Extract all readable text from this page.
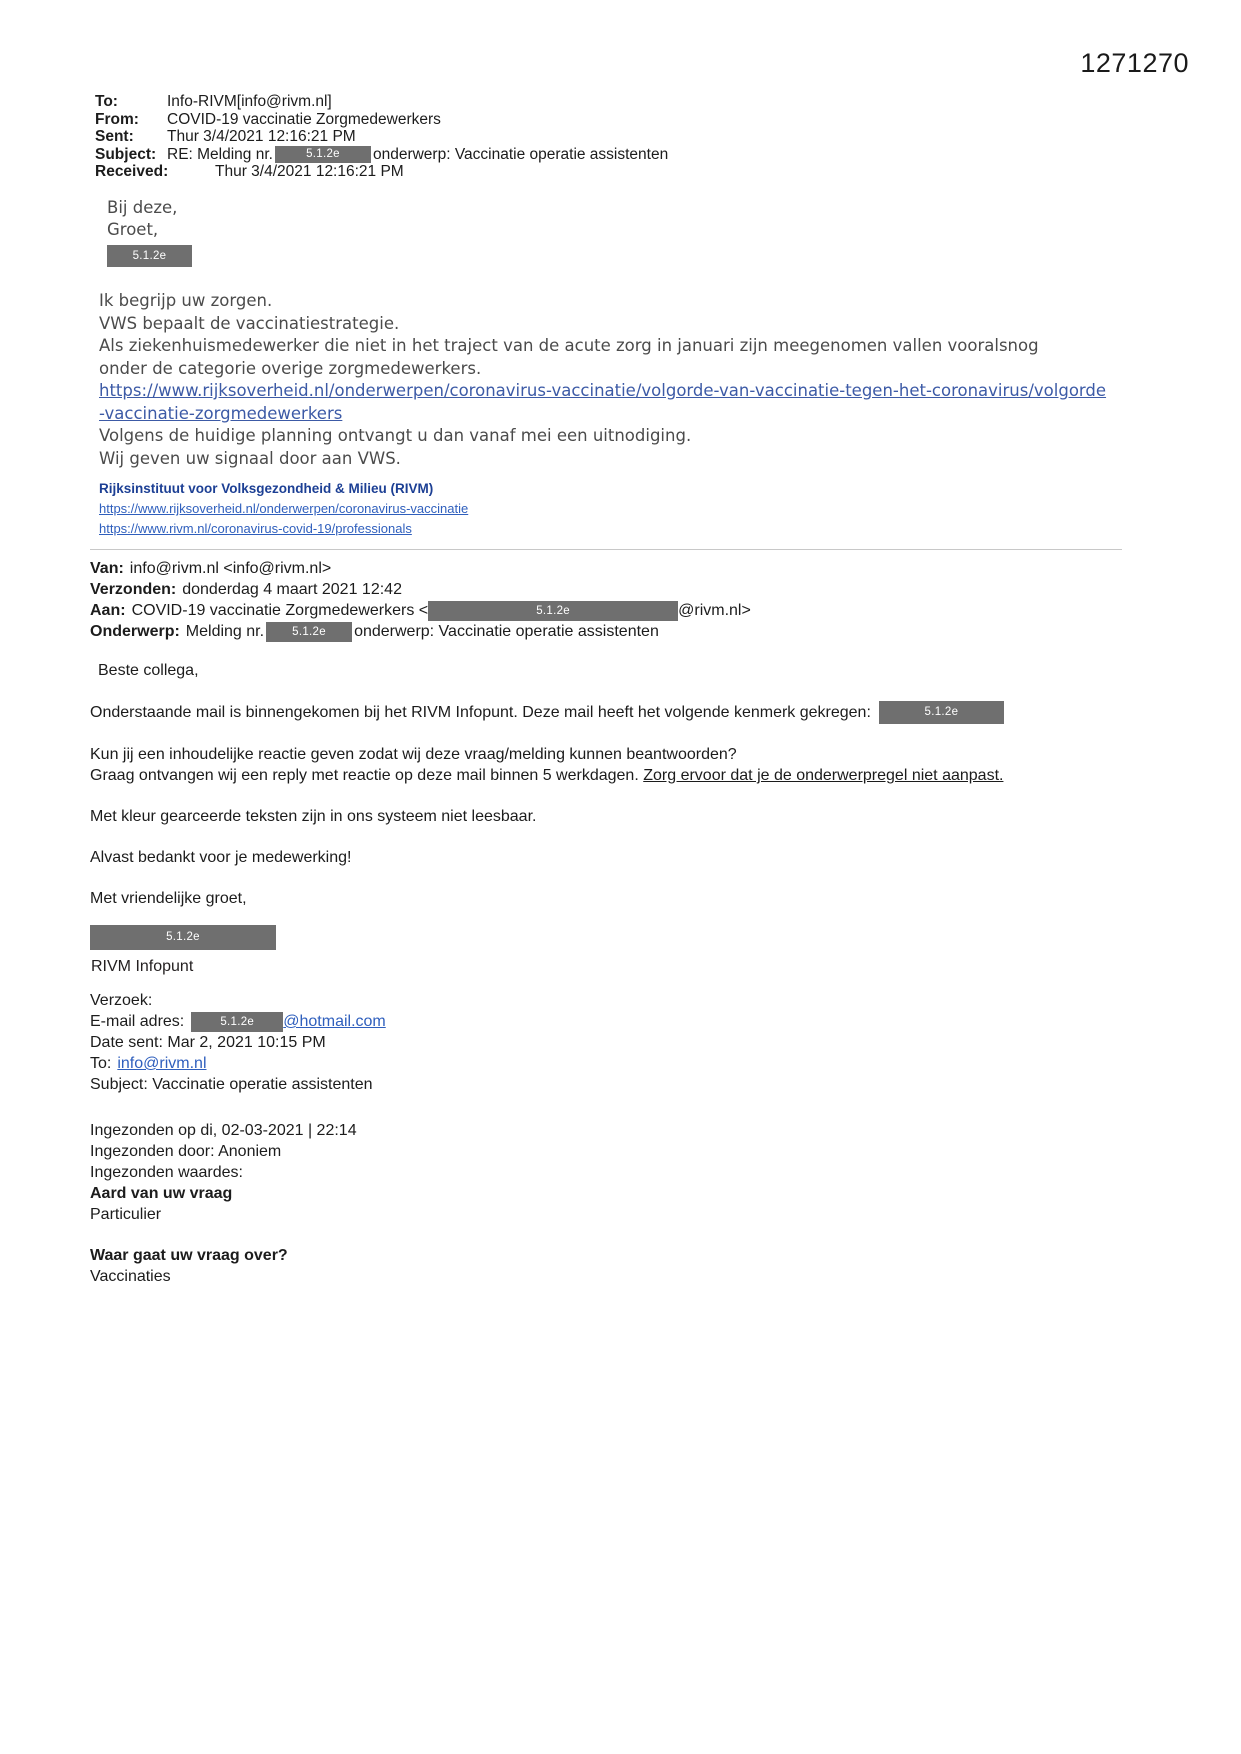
1271270
To:	Info-RIVM[info@rivm.nl]
From:	COVID-19 vaccinatie Zorgmedewerkers
Sent:	Thur 3/4/2021 12:16:21 PM
Subject: RE: Melding nr.	5.1.2e	onderwerp: Vaccinatie operatie assistenten
Received:	Thur 3/4/2021 12:16:21 PM
Bij deze,
Groet,
5.1.2e

Ik begrijp uw zorgen.

VWS bepaalt de vaccinatiestrategie.

Als ziekenhuismedewerker die niet in het traject van de acute zorg in januari zijn meegenomen vallen vooralsnog

onder de categorie overige zorgmedewerkers.

https://www.rijksoverheid.nl/onderwerpen/coronavirus-vaccinatie/volgorde-van-vaccinatie-tegen-het-coronavirus/volgorde-vaccinatie-zorgmedewerkers

Volgens de huidige planning ontvangt u dan vanaf mei een uitnodiging.

Wij geven uw signaal door aan VWS.

Rijksinstituut voor Volksgezondheid & Milieu (RIVM)
https://www.rijksoverheid.nl/onderwerpen/coronavirus-vaccinatie
https://www.rivm.nl/coronavirus-covid-19/professionals
Van: info@rivm.nl <info@rivm.nl>
Verzonden: donderdag 4 maart 2021 12:42
Aan: COVID-19 vaccinatie Zorgmedewerkers <	5.1.2e	@rivm.nl>
Onderwerp: Melding nr.	5.1.2e	onderwerp: Vaccinatie operatie assistenten
Beste collega,
Onderstaande mail is binnengekomen bij het RIVM Infopunt. Deze mail heeft het volgende kenmerk gekregen:	5.1.2e
Kun jij een inhoudelijke reactie geven zodat wij deze vraag/melding kunnen beantwoorden?
Graag ontvangen wij een reply met reactie op deze mail binnen 5 werkdagen. Zorg ervoor dat je de onderwerpregel niet aanpast.
Met kleur gearceerde teksten zijn in ons systeem niet leesbaar.
Alvast bedankt voor je medewerking!
Met vriendelijke groet,
5.1.2e
RIVM Infopunt
Verzoek:
E-mail adres:	5.1.2e	@hotmail.com
Date sent: Mar 2, 2021 10:15 PM
To: info@rivm.nl
Subject: Vaccinatie operatie assistenten
Ingezonden op di, 02-03-2021 | 22:14
Ingezonden door: Anoniem
Ingezonden waardes:
Aard van uw vraag
Particulier
Waar gaat uw vraag over?
Vaccinaties
